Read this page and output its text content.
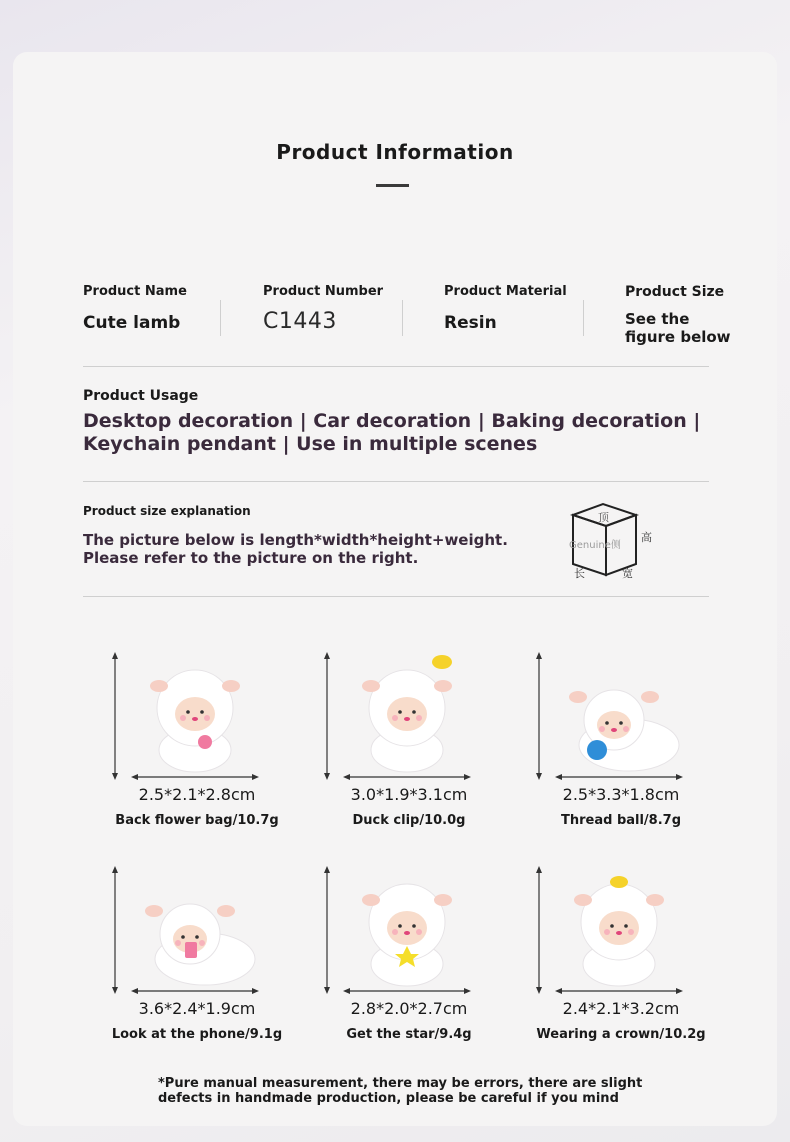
Product Information
Product Name
Cute lamb
Product Number
C1443
Product Material
Resin
Product Size
See the figure below
Product Usage
Desktop decoration | Car decoration | Baking decoration | Keychain pendant | Use in multiple scenes
Product size explanation
The picture below is length*width*height+weight. Please refer to the picture on the right.
顶
Genuine侧
高
长	宽
2.5*2.1*2.8cm
Back flower bag/10.7g
3.0*1.9*3.1cm
Duck clip/10.0g
2.5*3.3*1.8cm
Thread ball/8.7g
3.6*2.4*1.9cm
Look at the phone/9.1g
2.8*2.0*2.7cm
Get the star/9.4g
2.4*2.1*3.2cm
Wearing a crown/10.2g
*Pure manual measurement, there may be errors, there are slight defects in handmade production, please be careful if you mind
